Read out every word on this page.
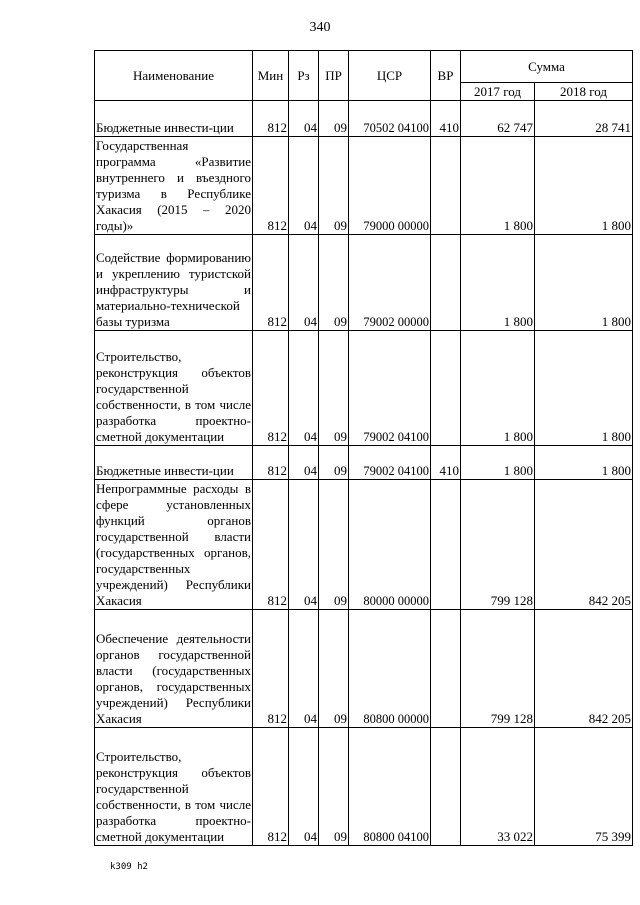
340
Наименование	Мин	Рз	ПР	ЦСР	ВР	Сумма	
						2017 год	2018 год
Бюджетные инвести-ции	812	04	09	70502 04100	410	62 747	28 741
Государственная программа «Развитие внутреннего и въездного туризма в Республике Хакасия (2015 – 2020 годы)»	812	04	09	79000 00000		1 800	1 800
Содействие формированию и укреплению туристской инфраструктуры и материально-технической базы туризма	812	04	09	79002 00000		1 800	1 800
Строительство, реконструкция объектов государственной собственности, в том числе разработка проектно-сметной документации	812	04	09	79002 04100		1 800	1 800
Бюджетные инвести-ции	812	04	09	79002 04100	410	1 800	1 800
Непрограммные расходы в сфере установленных функций органов государственной власти (государственных органов, государственных учреждений) Республики Хакасия	812	04	09	80000 00000		799 128	842 205
Обеспечение деятельности органов государственной власти (государственных органов, государственных учреждений) Республики Хакасия	812	04	09	80800 00000		799 128	842 205
Строительство, реконструкция объектов государственной собственности, в том числе разработка проектно-сметной документации	812	04	09	80800 04100		33 022	75 399
k309 h2
